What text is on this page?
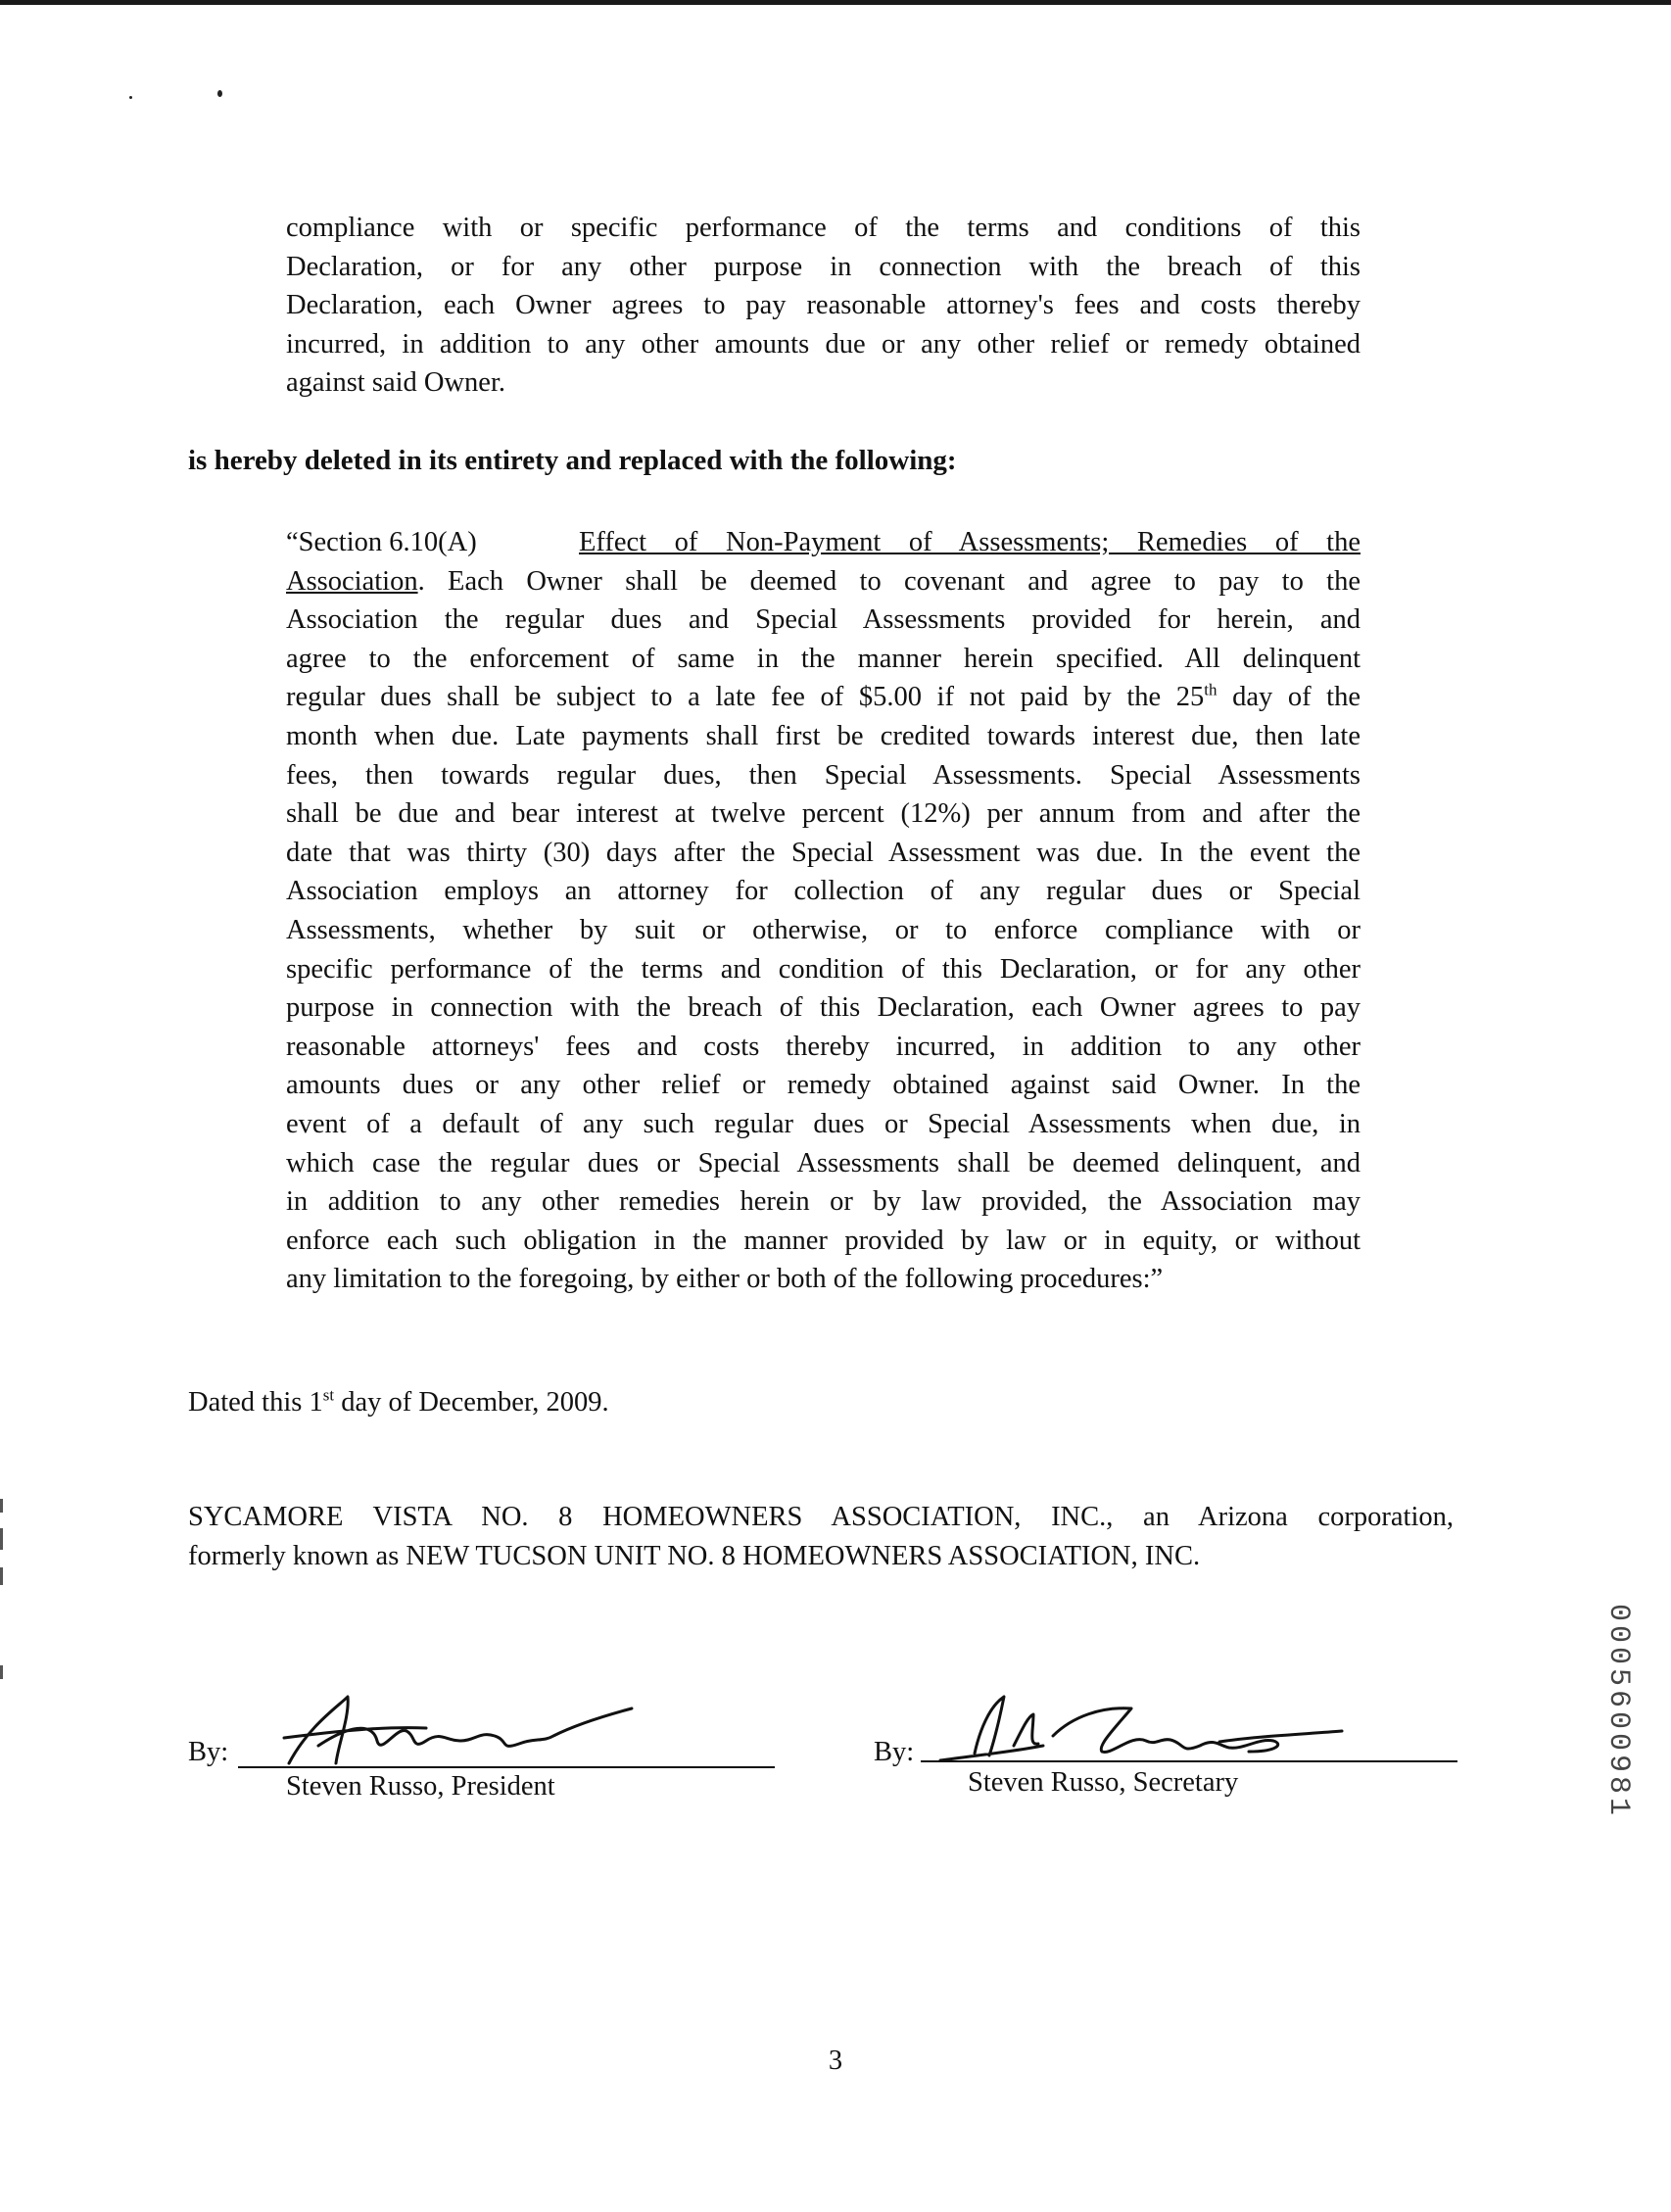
compliance with or specific performance of the terms and conditions of this
Declaration, or for any other purpose in connection with the breach of this
Declaration, each Owner agrees to pay reasonable attorney's fees and costs thereby
incurred, in addition to any other amounts due or any other relief or remedy obtained
against said Owner.
is hereby deleted in its entirety and replaced with the following:
“Section 6.10(A)	Effect of Non-Payment of Assessments; Remedies of the
Association. Each Owner shall be deemed to covenant and agree to pay to the
Association the regular dues and Special Assessments provided for herein, and
agree to the enforcement of same in the manner herein specified. All delinquent
regular dues shall be subject to a late fee of $5.00 if not paid by the 25th day of the
month when due. Late payments shall first be credited towards interest due, then late
fees, then towards regular dues, then Special Assessments. Special Assessments
shall be due and bear interest at twelve percent (12%) per annum from and after the
date that was thirty (30) days after the Special Assessment was due. In the event the
Association employs an attorney for collection of any regular dues or Special
Assessments, whether by suit or otherwise, or to enforce compliance with or
specific performance of the terms and condition of this Declaration, or for any other
purpose in connection with the breach of this Declaration, each Owner agrees to pay
reasonable attorneys' fees and costs thereby incurred, in addition to any other
amounts dues or any other relief or remedy obtained against said Owner. In the
event of a default of any such regular dues or Special Assessments when due, in
which case the regular dues or Special Assessments shall be deemed delinquent, and
in addition to any other remedies herein or by law provided, the Association may
enforce each such obligation in the manner provided by law or in equity, or without
any limitation to the foregoing, by either or both of the following procedures:”
Dated this 1st day of December, 2009.
SYCAMORE VISTA NO. 8 HOMEOWNERS ASSOCIATION, INC., an Arizona corporation,
formerly known as NEW TUCSON UNIT NO. 8 HOMEOWNERS ASSOCIATION, INC.
By:
Steven Russo, President
By:
Steven Russo, Secretary	0005600981
3
